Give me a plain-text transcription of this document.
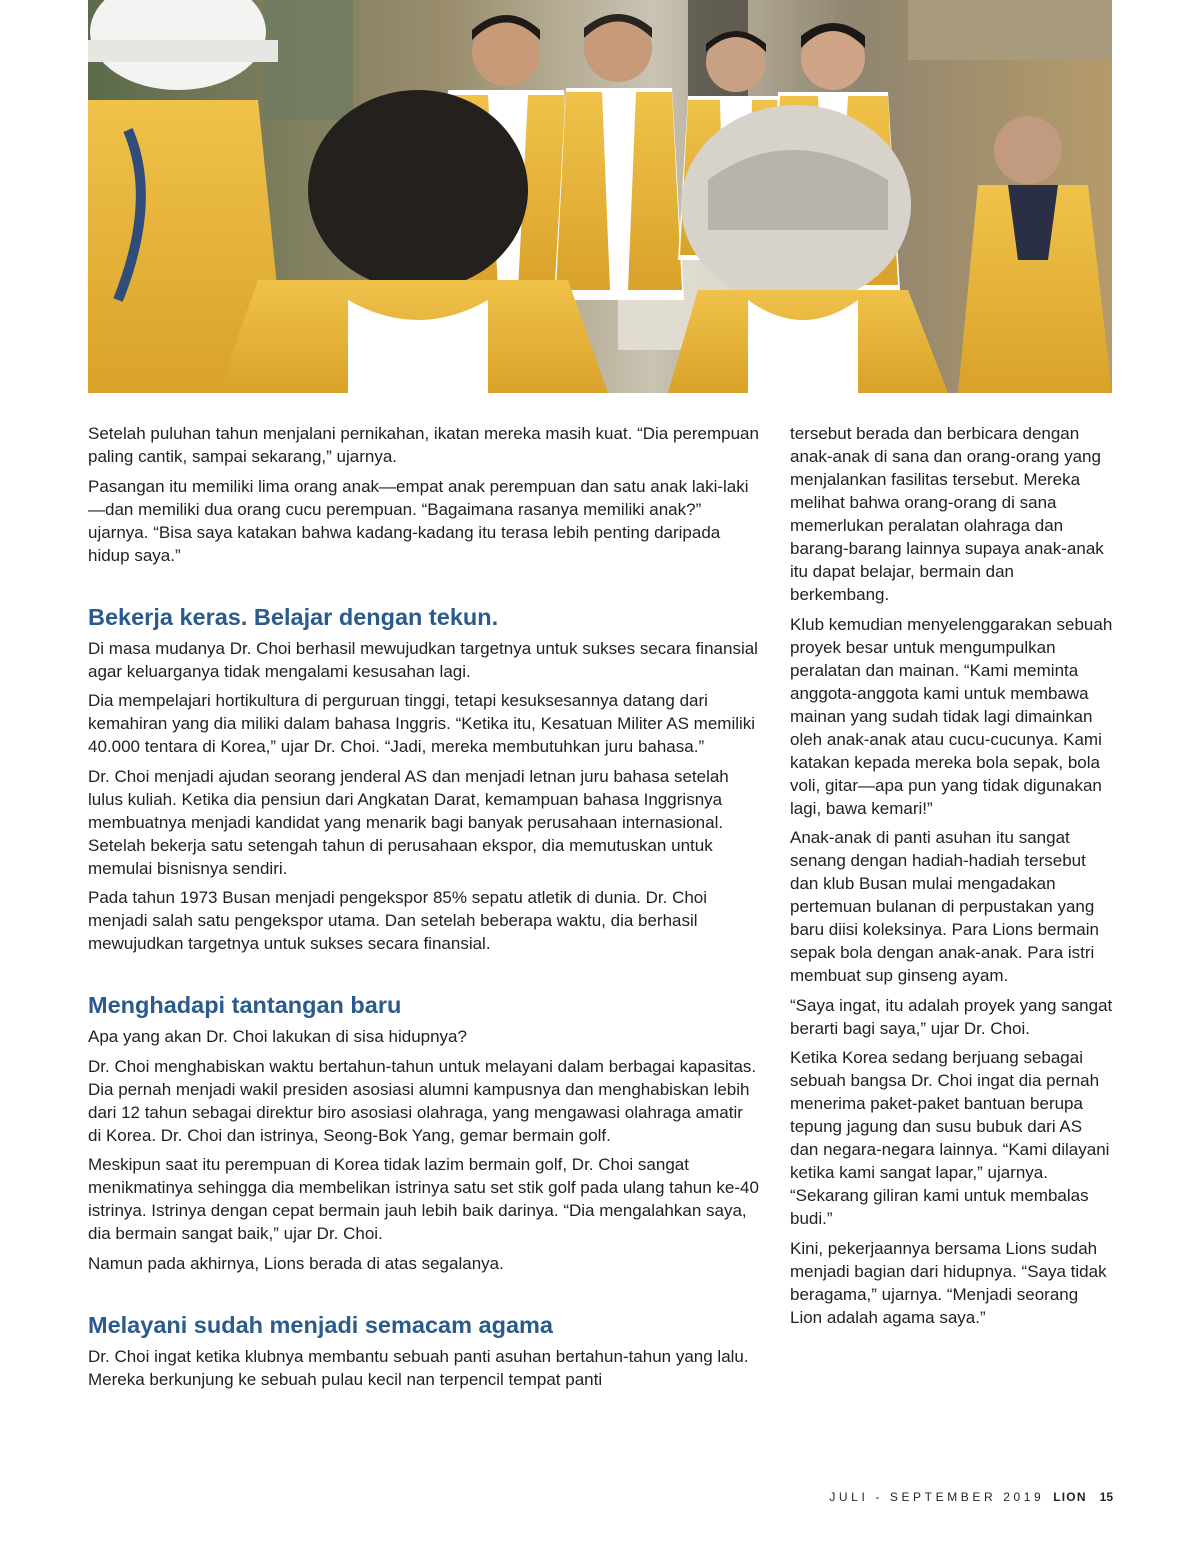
Setelah puluhan tahun menjalani pernikahan, ikatan mereka masih kuat. “Dia perempuan paling cantik, sampai sekarang,” ujarnya.

Pasangan itu memiliki lima orang anak—empat anak perempuan dan satu anak laki-laki—dan memiliki dua orang cucu perempuan. “Bagaimana rasanya memiliki anak?” ujarnya. “Bisa saya katakan bahwa kadang-kadang itu terasa lebih penting daripada hidup saya.”

Bekerja keras. Belajar dengan tekun.

Di masa mudanya Dr. Choi berhasil mewujudkan targetnya untuk sukses secara finansial agar keluarganya tidak mengalami kesusahan lagi.

Dia mempelajari hortikultura di perguruan tinggi, tetapi kesuksesannya datang dari kemahiran yang dia miliki dalam bahasa Inggris. “Ketika itu, Kesatuan Militer AS memiliki 40.000 tentara di Korea,” ujar Dr. Choi. “Jadi, mereka membutuhkan juru bahasa.”

Dr. Choi menjadi ajudan seorang jenderal AS dan menjadi letnan juru bahasa setelah lulus kuliah. Ketika dia pensiun dari Angkatan Darat, kemampuan bahasa Inggrisnya membuatnya menjadi kandidat yang menarik bagi banyak perusahaan internasional. Setelah bekerja satu setengah tahun di perusahaan ekspor, dia memutuskan untuk memulai bisnisnya sendiri.

Pada tahun 1973 Busan menjadi pengekspor 85% sepatu atletik di dunia. Dr. Choi menjadi salah satu pengekspor utama. Dan setelah beberapa waktu, dia berhasil mewujudkan targetnya untuk sukses secara finansial.

Menghadapi tantangan baru

Apa yang akan Dr. Choi lakukan di sisa hidupnya?

Dr. Choi menghabiskan waktu bertahun-tahun untuk melayani dalam berbagai kapasitas. Dia pernah menjadi wakil presiden asosiasi alumni kampusnya dan menghabiskan lebih dari 12 tahun sebagai direktur biro asosiasi olahraga, yang mengawasi olahraga amatir di Korea. Dr. Choi dan istrinya, Seong-Bok Yang, gemar bermain golf.

Meskipun saat itu perempuan di Korea tidak lazim bermain golf, Dr. Choi sangat menikmatinya sehingga dia membelikan istrinya satu set stik golf pada ulang tahun ke-40 istrinya. Istrinya dengan cepat bermain jauh lebih baik darinya. “Dia mengalahkan saya, dia bermain sangat baik,” ujar Dr. Choi.

Namun pada akhirnya, Lions berada di atas segalanya.

Melayani sudah menjadi semacam agama

Dr. Choi ingat ketika klubnya membantu sebuah panti asuhan bertahun-tahun yang lalu. Mereka berkunjung ke sebuah pulau kecil nan terpencil tempat panti

tersebut berada dan berbicara dengan anak-anak di sana dan orang-orang yang menjalankan fasilitas tersebut. Mereka melihat bahwa orang-orang di sana memerlukan peralatan olahraga dan barang-barang lainnya supaya anak-anak itu dapat belajar, bermain dan berkembang.

Klub kemudian menyelenggarakan sebuah proyek besar untuk mengumpulkan peralatan dan mainan. “Kami meminta anggota-anggota kami untuk membawa mainan yang sudah tidak lagi dimainkan oleh anak-anak atau cucu-cucunya. Kami katakan kepada mereka bola sepak, bola voli, gitar—apa pun yang tidak digunakan lagi, bawa kemari!”

Anak-anak di panti asuhan itu sangat senang dengan hadiah-hadiah tersebut dan klub Busan mulai mengadakan pertemuan bulanan di perpustakan yang baru diisi koleksinya. Para Lions bermain sepak bola dengan anak-anak. Para istri membuat sup ginseng ayam.

“Saya ingat, itu adalah proyek yang sangat berarti bagi saya,” ujar Dr. Choi.

Ketika Korea sedang berjuang sebagai sebuah bangsa Dr. Choi ingat dia pernah menerima paket-paket bantuan berupa tepung jagung dan susu bubuk dari AS dan negara-negara lainnya. “Kami dilayani ketika kami sangat lapar,” ujarnya. “Sekarang giliran kami untuk membalas budi.”

Kini, pekerjaannya bersama Lions sudah menjadi bagian dari hidupnya. “Saya tidak beragama,” ujarnya. “Menjadi seorang Lion adalah agama saya.”

JULI - SEPTEMBER 2019 LION 15
